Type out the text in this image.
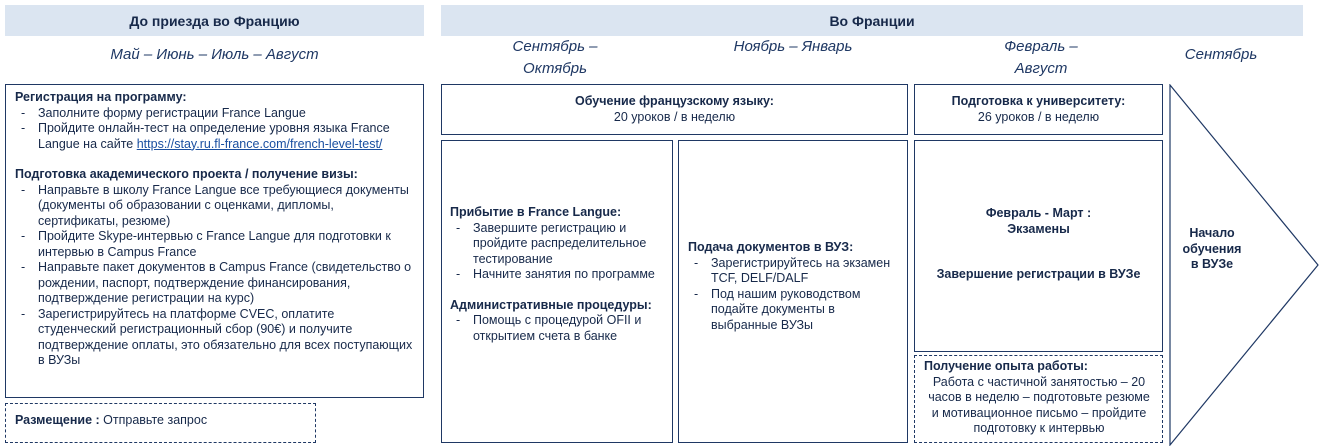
До приезда во Францию	Во Франции
Май – Июнь – Июль – Август	Сентябрь – Октябрь
Ноябрь – Январь	Февраль – Август
Сентябрь
Регистрация на программу:
- Заполните форму регистрации France Langue
- Пройдите онлайн-тест на определение уровня языка France Langue на сайте https://stay.ru.fl-france.com/french-level-test/
Подготовка академического проекта / получение визы:
- Направьте в школу France Langue все требующиеся документы (документы об образовании с оценками, дипломы, сертификаты, резюме)
- Пройдите Skype-интервью с France Langue для подготовки к интервью в Campus France
- Направьте пакет документов в Campus France (свидетельство о рождении, паспорт, подтверждение финансирования, подтверждение регистрации на курс)
- Зарегистрируйтесь на платформе CVEC, оплатите студенческий регистрационный сбор (90€) и получите подтверждение оплаты, это обязательно для всех поступающих в ВУЗы
Размещение : Отправьте запрос
Обучение французскому языку:
20 уроков / в неделю
Подготовка к университету:
26 уроков / в неделю
Прибытие в France Langue:
- Завершите регистрацию и пройдите распределительное тестирование
- Начните занятия по программе
Административные процедуры:
- Помощь с процедурой OFII и открытием счета в банке
Подача документов в ВУЗ:
- Зарегистрируйтесь на экзамен TCF, DELF/DALF
- Под нашим руководством подайте документы в выбранные ВУЗы
Февраль - Март :
Экзамены
Завершение регистрации в ВУЗе
Получение опыта работы:
Работа с частичной занятостью – 20 часов в неделю – подготовьте резюме и мотивационное письмо – пройдите подготовку к интервью
Начало
обучения
в ВУЗе
